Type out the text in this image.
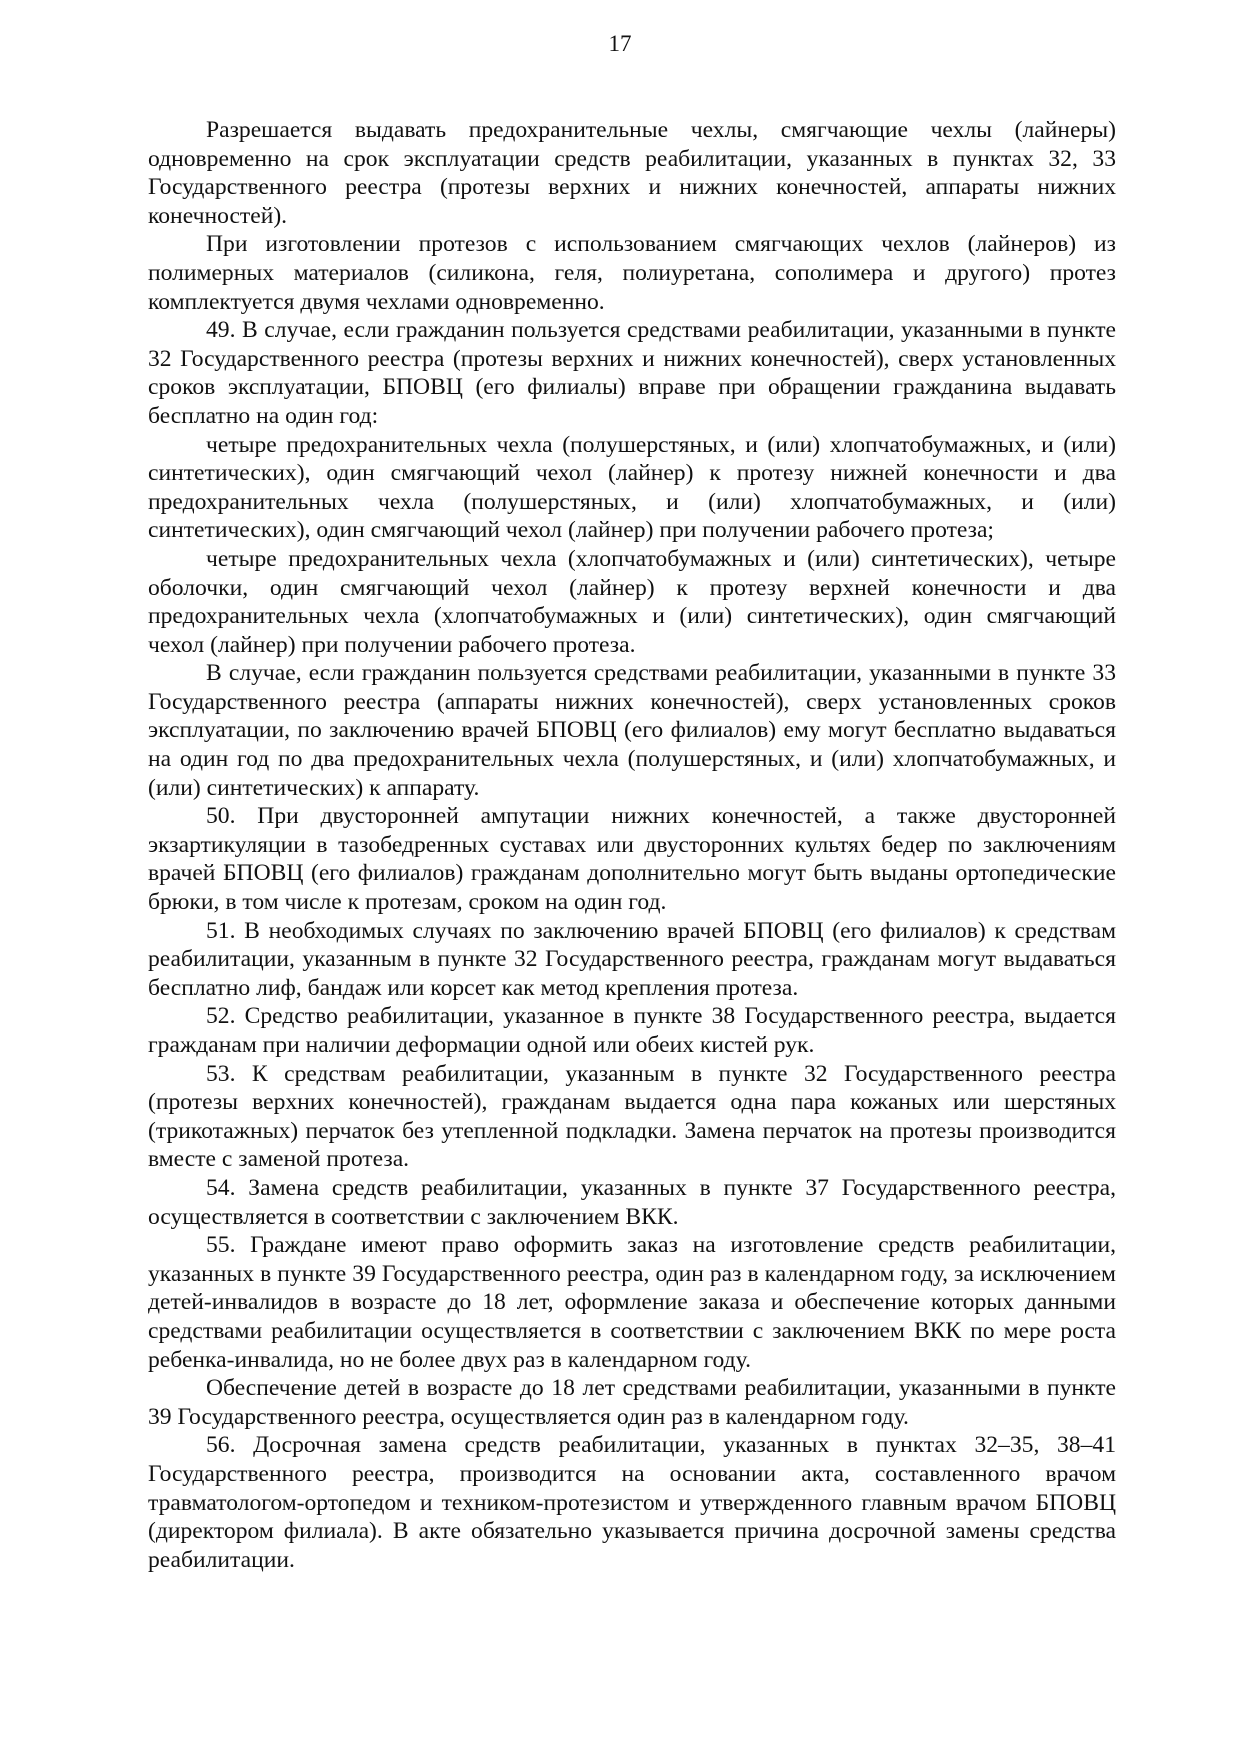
17

Разрешается выдавать предохранительные чехлы, смягчающие чехлы (лайнеры) одновременно на срок эксплуатации средств реабилитации, указанных в пунктах 32, 33 Государственного реестра (протезы верхних и нижних конечностей, аппараты нижних конечностей).

При изготовлении протезов с использованием смягчающих чехлов (лайнеров) из полимерных материалов (силикона, геля, полиуретана, сополимера и другого) протез комплектуется двумя чехлами одновременно.

49. В случае, если гражданин пользуется средствами реабилитации, указанными в пункте 32 Государственного реестра (протезы верхних и нижних конечностей), сверх установленных сроков эксплуатации, БПОВЦ (его филиалы) вправе при обращении гражданина выдавать бесплатно на один год:

четыре предохранительных чехла (полушерстяных, и (или) хлопчатобумажных, и (или) синтетических), один смягчающий чехол (лайнер) к протезу нижней конечности и два предохранительных чехла (полушерстяных, и (или) хлопчатобумажных, и (или) синтетических), один смягчающий чехол (лайнер) при получении рабочего протеза;

четыре предохранительных чехла (хлопчатобумажных и (или) синтетических), четыре оболочки, один смягчающий чехол (лайнер) к протезу верхней конечности и два предохранительных чехла (хлопчатобумажных и (или) синтетических), один смягчающий чехол (лайнер) при получении рабочего протеза.

В случае, если гражданин пользуется средствами реабилитации, указанными в пункте 33 Государственного реестра (аппараты нижних конечностей), сверх установленных сроков эксплуатации, по заключению врачей БПОВЦ (его филиалов) ему могут бесплатно выдаваться на один год по два предохранительных чехла (полушерстяных, и (или) хлопчатобумажных, и (или) синтетических) к аппарату.

50. При двусторонней ампутации нижних конечностей, а также двусторонней экзартикуляции в тазобедренных суставах или двусторонних культях бедер по заключениям врачей БПОВЦ (его филиалов) гражданам дополнительно могут быть выданы ортопедические брюки, в том числе к протезам, сроком на один год.

51. В необходимых случаях по заключению врачей БПОВЦ (его филиалов) к средствам реабилитации, указанным в пункте 32 Государственного реестра, гражданам могут выдаваться бесплатно лиф, бандаж или корсет как метод крепления протеза.

52. Средство реабилитации, указанное в пункте 38 Государственного реестра, выдается гражданам при наличии деформации одной или обеих кистей рук.

53. К средствам реабилитации, указанным в пункте 32 Государственного реестра (протезы верхних конечностей), гражданам выдается одна пара кожаных или шерстяных (трикотажных) перчаток без утепленной подкладки. Замена перчаток на протезы производится вместе с заменой протеза.

54. Замена средств реабилитации, указанных в пункте 37 Государственного реестра, осуществляется в соответствии с заключением ВКК.

55. Граждане имеют право оформить заказ на изготовление средств реабилитации, указанных в пункте 39 Государственного реестра, один раз в календарном году, за исключением детей-инвалидов в возрасте до 18 лет, оформление заказа и обеспечение которых данными средствами реабилитации осуществляется в соответствии с заключением ВКК по мере роста ребенка-инвалида, но не более двух раз в календарном году.

Обеспечение детей в возрасте до 18 лет средствами реабилитации, указанными в пункте 39 Государственного реестра, осуществляется один раз в календарном году.

56. Досрочная замена средств реабилитации, указанных в пунктах 32–35, 38–41 Государственного реестра, производится на основании акта, составленного врачом травматологом-ортопедом и техником-протезистом и утвержденного главным врачом БПОВЦ (директором филиала). В акте обязательно указывается причина досрочной замены средства реабилитации.
